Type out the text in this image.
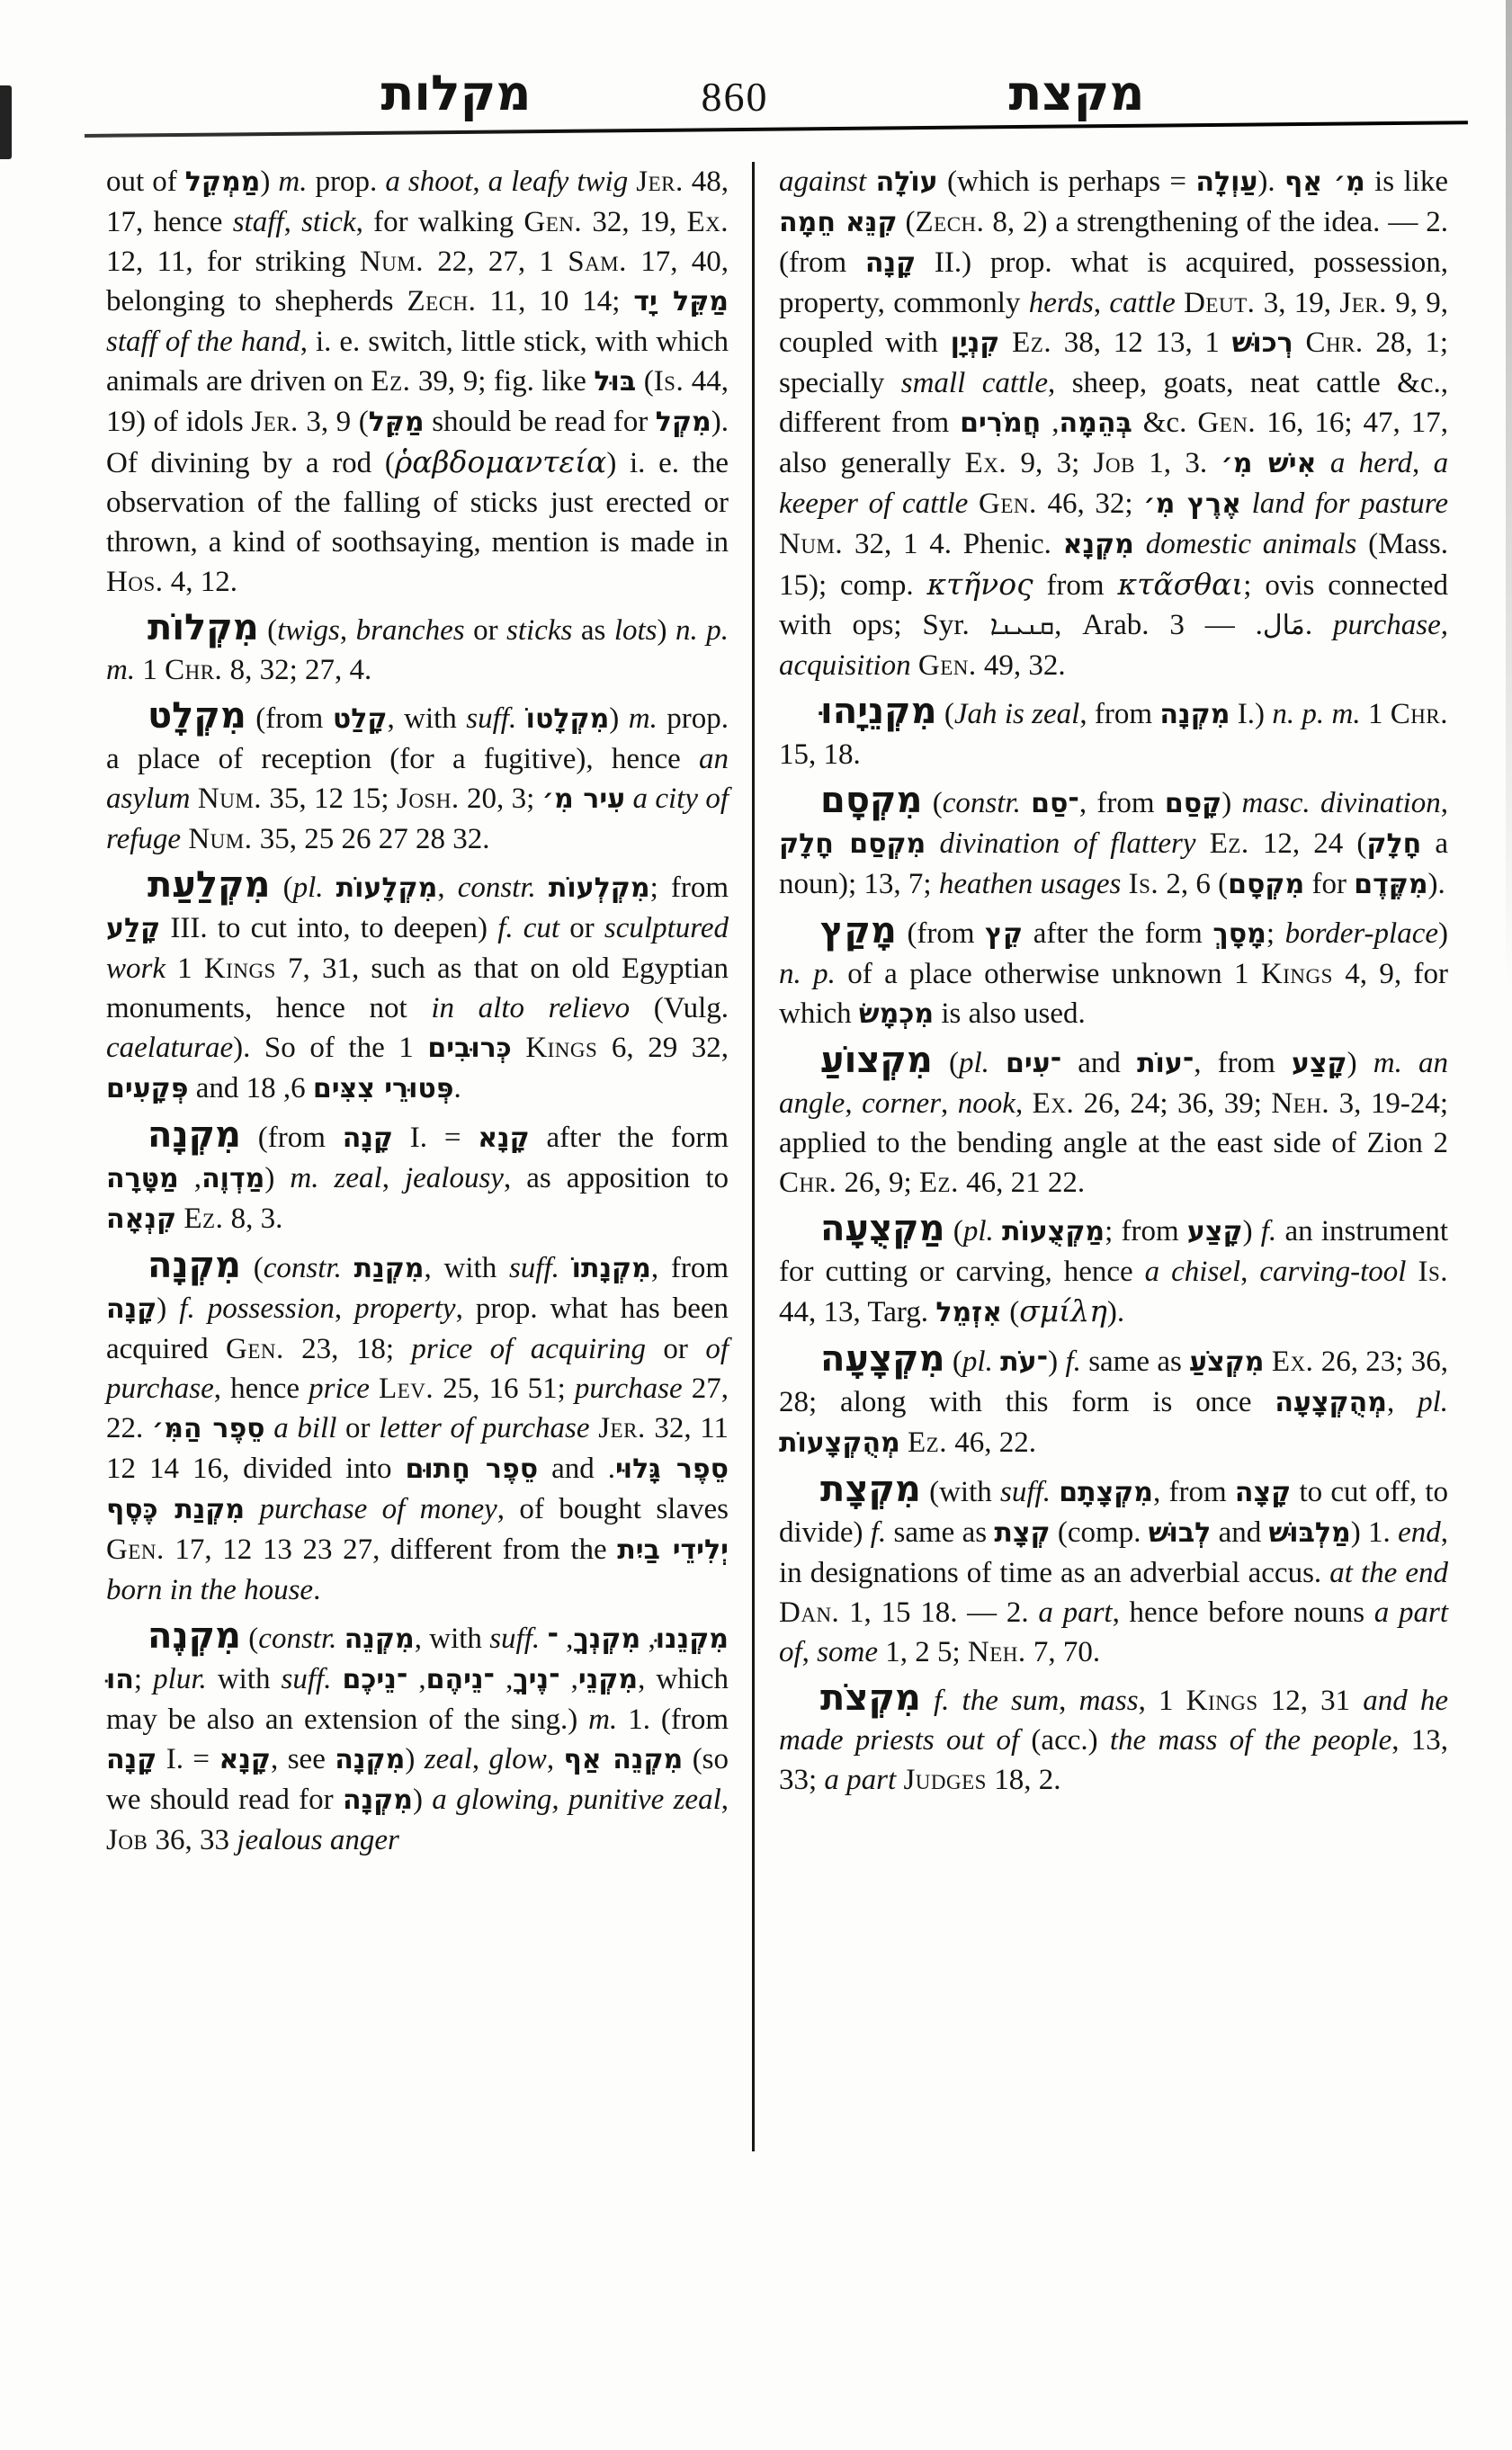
מקלות	860	מקצת

out of מַמְקֵל) m. prop. a shoot, a leafy twig Jer. 48, 17, hence staff, stick, for walking Gen. 32, 19, Ex. 12, 11, for striking Num. 22, 27, 1 Sam. 17, 40, belonging to shepherds Zech. 11, 10 14; מַקֵּל יָד staff of the hand, i. e. switch, little stick, with which animals are driven on Ez. 39, 9; fig. like בּוּל (Is. 44, 19) of idols Jer. 3, 9 (מַקֵּל should be read for מִקְל). Of divining by a rod (ῥαβδομαντεία) i. e. the observation of the falling of sticks just erected or thrown, a kind of soothsaying, mention is made in Hos. 4, 12.

מִקְלוֹת (twigs, branches or sticks as lots) n. p. m. 1 Chr. 8, 32; 27, 4.

מִקְלָט (from קָלַט, with suff. מִקְלָטוֹ) m. prop. a place of reception (for a fugitive), hence an asylum Num. 35, 12 15; Josh. 20, 3; עִיר מִ׳ a city of refuge Num. 35, 25 26 27 28 32.

מִקְלַעַת (pl. מִקְלָעוֹת, constr. מִקְלְעוֹת; from קָלַע III. to cut into, to deepen) f. cut or sculptured work 1 Kings 7, 31, such as that on old Egyptian monuments, hence not in alto relievo (Vulg. caelaturae). So of the כְּרוּבִים 1 Kings 6, 29 32, פְּקָעִים and פְּטוּרֵי צִצִּים 6, 18.

מִקְנָה (from קָנָה I. = קָנָא after the form מַדְוֶה, מַטָּרָה	) m. zeal, jealousy, as apposition to קִנְאָה Ez. 8, 3.

מִקְנָה (constr. מִקְנַת, with suff. מִקְנָתוֹ, from קָנָה) f. possession, property, prop. what has been acquired Gen. 23, 18; price of acquiring or of purchase, hence price Lev. 25, 16 51; purchase 27, 22. סֵפֶר הַמִּ׳ a bill or letter of purchase Jer. 32, 11 12 14 16, divided into סֵפֶר חָתוּם and סֵפֶר גָּלוּי. מִקְנַת כֶּסֶף purchase of money, of bought slaves Gen. 17, 12 13 23 27, different from the יְלִידֵי בַיִת born in the house.

מִקְנֶה (constr. מִקְנֵה, with suff.	מִקְנֵנוּ, מִקְנְךָ, ־הוּ; plur. with suff.	מִקְנֵי, ־נֶיךָ, ־נֵיהֶם, ־נֵיכֶם	, which may be also an extension of the sing.) m. 1. (from קָנָה I. = קָנָא, see מִקְנָה) zeal, glow, מִקְנֵה אַף (so we should read for מִקְנָה) a glowing, punitive zeal, Job 36, 33 jealous anger

against עוֹלָה (which is perhaps = עַוְלָה). מִ׳ אַף is like קִנֵּא חֵמָה (Zech. 8, 2) a strengthening of the idea. — 2. (from קָנָה II.) prop. what is acquired, possession, property, commonly herds, cattle Deut. 3, 19, Jer. 9, 9, coupled with קִנְיָן Ez. 38, 12 13, רְכוּשׁ 1 Chr. 28, 1; specially small cattle, sheep, goats, neat cattle &c., different from	בְּהֵמָה, חֲמֹרִים	&c. Gen. 16, 16; 47, 17, also generally Ex. 9, 3; Job 1, 3. אִישׁ מִ׳ a herd, a keeper of cattle Gen. 46, 32; אֶרֶץ מִ׳ land for pasture Num. 32, 1 4. Phenic. מִקְנָא domestic animals (Mass. 15); comp. κτῆνος from κτᾶσθαι; ovis connected with ops; Syr. ܩܢܝܢܐ, Arab.	مَال. — 3. purchase, acquisition Gen. 49, 32.

מִקְנֵיָהוּ (Jah is zeal, from מִקְנָה I.) n. p. m. 1 Chr. 15, 18.

מִקְסָם (constr. ־סַם, from קָסַם) masc. divination, מִקְסַם חָלָק divination of flattery Ez. 12, 24 (חָלָק a noun); 13, 7; heathen usages Is. 2, 6 (מִקְסָם for מִקֶּדֶם).

מָקַץ (from קֵץ after the form מָסָךְ; border-place) n. p. of a place otherwise unknown 1 Kings 4, 9, for which מִכְמָשׂ is also used.

מִקְצוֹעַ (pl. ־עִים and ־עוֹת, from קָצַע) m. an angle, corner, nook, Ex. 26, 24; 36, 39; Neh. 3, 19-24; applied to the bending angle at the east side of Zion 2 Chr. 26, 9; Ez. 46, 21 22.

מַקְצֻעָה (pl. מַקְצֻעוֹת; from קָצַע) f. an instrument for cutting or carving, hence a chisel, carving-tool Is. 44, 13, Targ. אִזְמֵל (σμίλη).

מִקְצָעָה (pl. ־עֹת) f. same as מִקְצֹעַ Ex. 26, 23; 36, 28; along with this form is once מְהֻקְצָעָה, pl. מְהֻקְצָעוֹת Ez. 46, 22.

מִקְצָת (with suff. מִקְצָתָם, from קָצָה to cut off, to divide) f. same as קְצָת (comp. לְבוּשׁ and מַלְבּוּשׁ) 1. end, in designations of time as an adverbial accus. at the end Dan. 1, 15 18. — 2. a part, hence before nouns a part of, some 1, 2 5; Neh. 7, 70.

מִקְצֹת f. the sum, mass, 1 Kings 12, 31 and he made priests out of (acc.) the mass of the people, 13, 33; a part Judges 18, 2.
